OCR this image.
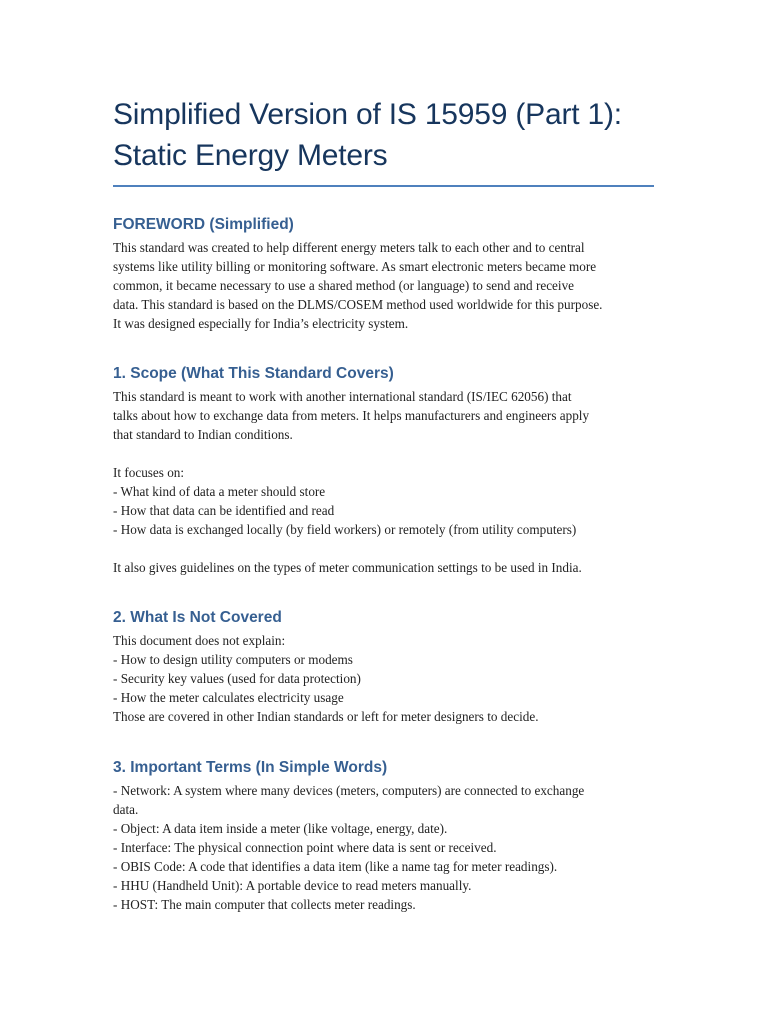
Simplified Version of IS 15959 (Part 1):
Static Energy Meters
FOREWORD (Simplified)

This standard was created to help different energy meters talk to each other and to central
systems like utility billing or monitoring software. As smart electronic meters became more
common, it became necessary to use a shared method (or language) to send and receive
data. This standard is based on the DLMS/COSEM method used worldwide for this purpose.
It was designed especially for India’s electricity system.

1. Scope (What This Standard Covers)

This standard is meant to work with another international standard (IS/IEC 62056) that
talks about how to exchange data from meters. It helps manufacturers and engineers apply
that standard to Indian conditions.

It focuses on:
- What kind of data a meter should store
- How that data can be identified and read
- How data is exchanged locally (by field workers) or remotely (from utility computers)

It also gives guidelines on the types of meter communication settings to be used in India.

2. What Is Not Covered

This document does not explain:
- How to design utility computers or modems
- Security key values (used for data protection)
- How the meter calculates electricity usage
Those are covered in other Indian standards or left for meter designers to decide.

3. Important Terms (In Simple Words)

- Network: A system where many devices (meters, computers) are connected to exchange
data.
- Object: A data item inside a meter (like voltage, energy, date).
- Interface: The physical connection point where data is sent or received.
- OBIS Code: A code that identifies a data item (like a name tag for meter readings).
- HHU (Handheld Unit): A portable device to read meters manually.
- HOST: The main computer that collects meter readings.
